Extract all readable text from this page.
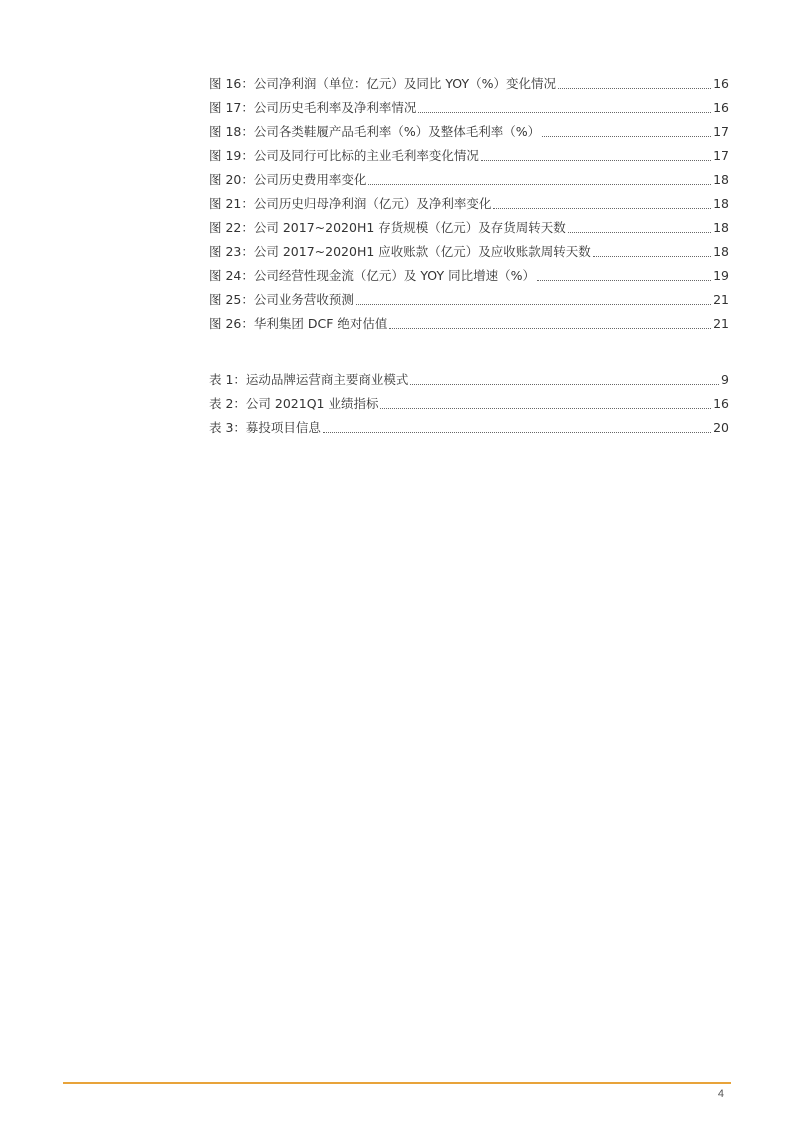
图 16：公司净利润（单位：亿元）及同比 YOY（%）变化情况	16
图 17：公司历史毛利率及净利率情况	16
图 18：公司各类鞋履产品毛利率（%）及整体毛利率（%）	17
图 19：公司及同行可比标的主业毛利率变化情况	17
图 20：公司历史费用率变化	18
图 21：公司历史归母净利润（亿元）及净利率变化	18
图 22：公司 2017~2020H1 存货规模（亿元）及存货周转天数	18
图 23：公司 2017~2020H1 应收账款（亿元）及应收账款周转天数	18
图 24：公司经营性现金流（亿元）及 YOY 同比增速（%）	19
图 25：公司业务营收预测	21
图 26：华利集团 DCF 绝对估值	21
表 1：运动品牌运营商主要商业模式	9
表 2：公司 2021Q1 业绩指标	16
表 3：募投项目信息	20
4
